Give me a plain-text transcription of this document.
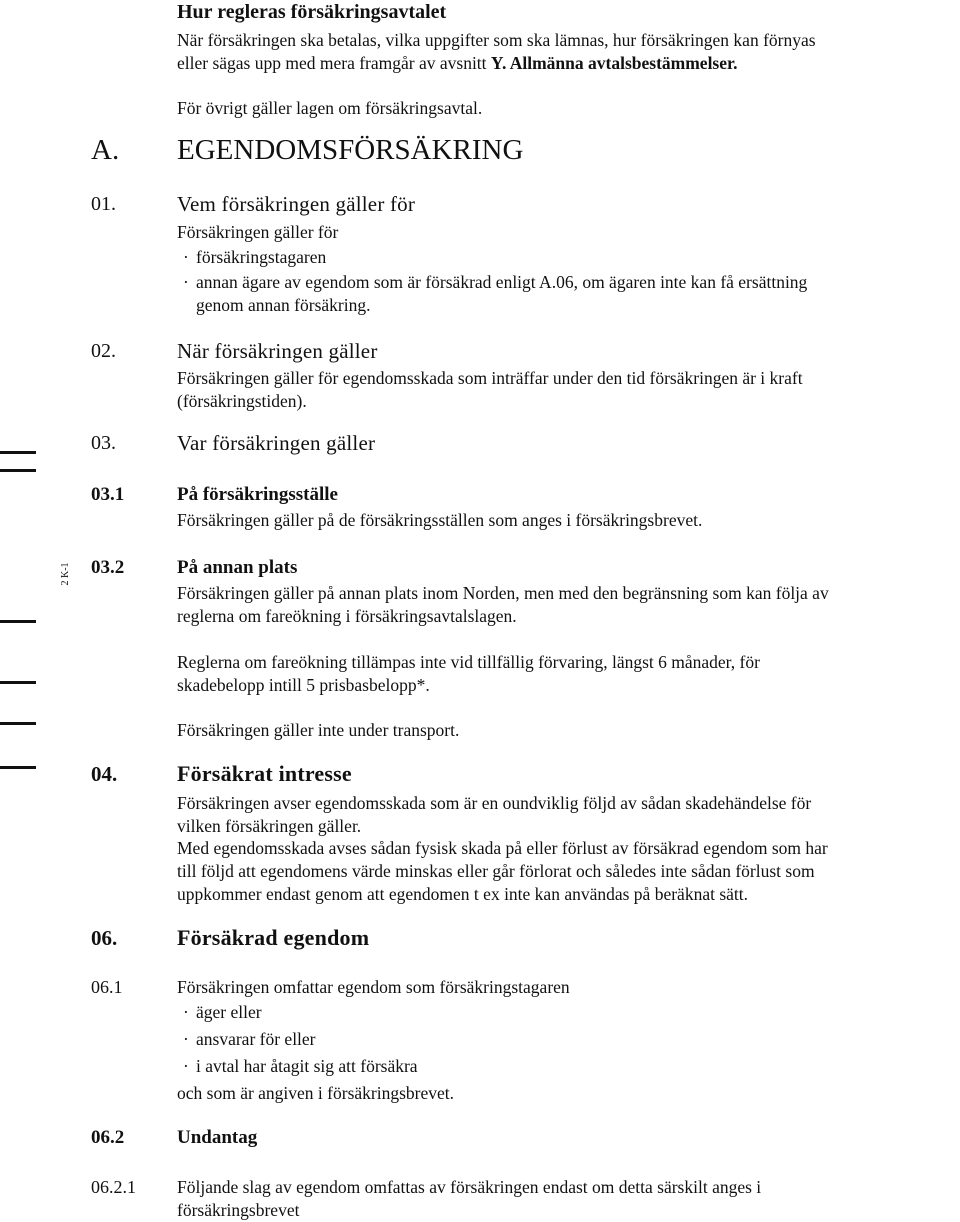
Hur regleras försäkringsavtalet
När försäkringen ska betalas, vilka uppgifter som ska lämnas, hur försäkringen kan förnyas
eller sägas upp med mera framgår av avsnitt Y. Allmänna avtalsbestämmelser.
För övrigt gäller lagen om försäkringsavtal.
A. EGENDOMSFÖRSÄKRING
01.	Vem försäkringen gäller för
Försäkringen gäller för
· försäkringstagaren
· annan ägare av egendom som är försäkrad enligt A.06, om ägaren inte kan få ersättning
genom annan försäkring.
02.	När försäkringen gäller
Försäkringen gäller för egendomsskada som inträffar under den tid försäkringen är i kraft
(försäkringstiden).
03.	Var försäkringen gäller
03.1	På försäkringsställe
Försäkringen gäller på de försäkringsställen som anges i försäkringsbrevet.
03.2	På annan plats
Försäkringen gäller på annan plats inom Norden, men med den begränsning som kan följa av
reglerna om fareökning i försäkringsavtalslagen.
Reglerna om fareökning tillämpas inte vid tillfällig förvaring, längst 6 månader, för
skadebelopp intill 5 prisbasbelopp*.
Försäkringen gäller inte under transport.
04.	Försäkrat intresse
Försäkringen avser egendomsskada som är en oundviklig följd av sådan skadehändelse för
vilken försäkringen gäller.
Med egendomsskada avses sådan fysisk skada på eller förlust av försäkrad egendom som har
till följd att egendomens värde minskas eller går förlorat och således inte sådan förlust som
uppkommer endast genom att egendomen t ex inte kan användas på beräknat sätt.
06.	Försäkrad egendom
06.1	Försäkringen omfattar egendom som försäkringstagaren
· äger eller
· ansvarar för eller
· i avtal har åtagit sig att försäkra
och som är angiven i försäkringsbrevet.
06.2	Undantag
06.2.1 Följande slag av egendom omfattas av försäkringen endast om detta särskilt anges i
försäkringsbrevet
2 K-1
